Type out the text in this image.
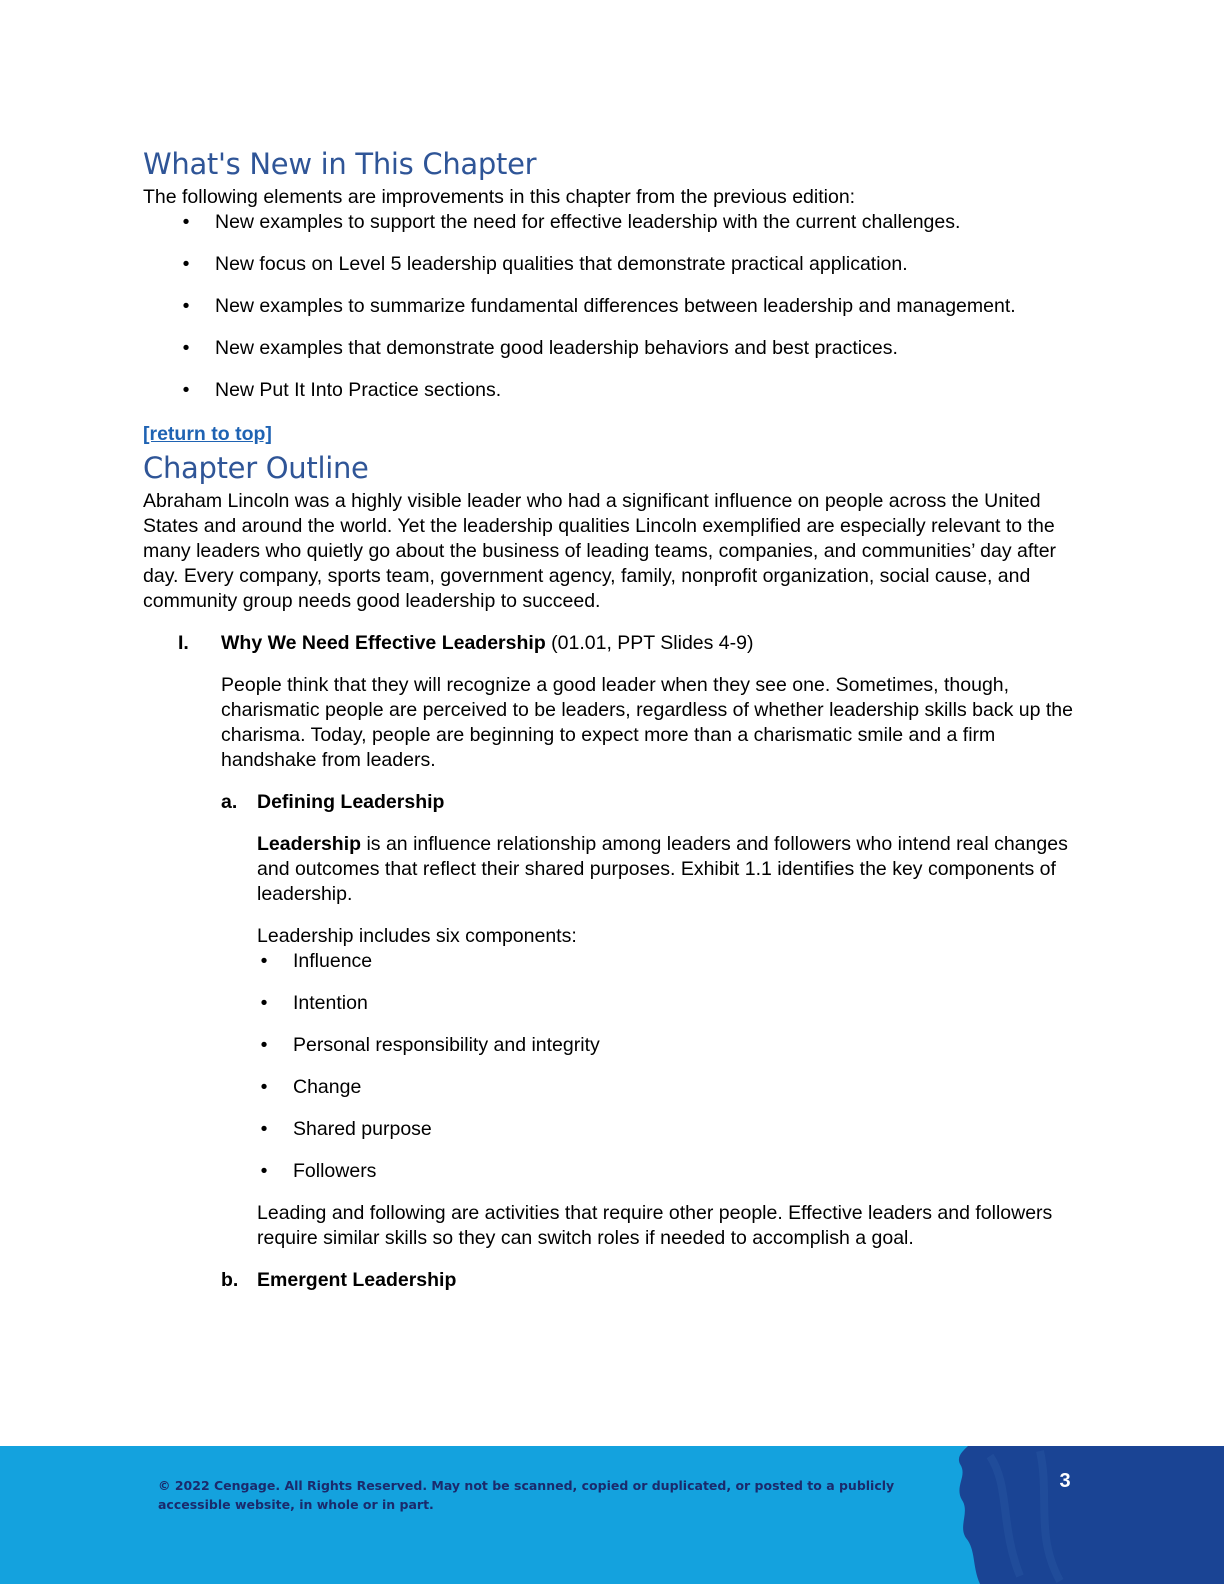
What's New in This Chapter

The following elements are improvements in this chapter from the previous edition:

• New examples to support the need for effective leadership with the current challenges.
• New focus on Level 5 leadership qualities that demonstrate practical application.
• New examples to summarize fundamental differences between leadership and management.
• New examples that demonstrate good leadership behaviors and best practices.
• New Put It Into Practice sections.
[return to top]
Chapter Outline

Abraham Lincoln was a highly visible leader who had a significant influence on people across the United States and around the world. Yet the leadership qualities Lincoln exemplified are especially relevant to the many leaders who quietly go about the business of leading teams, companies, and communities’ day after day. Every company, sports team, government agency, family, nonprofit organization, social cause, and community group needs good leadership to succeed.

I. Why We Need Effective Leadership (01.01, PPT Slides 4-9)
People think that they will recognize a good leader when they see one. Sometimes, though, charismatic people are perceived to be leaders, regardless of whether leadership skills back up the charisma. Today, people are beginning to expect more than a charismatic smile and a firm handshake from leaders.
a. Defining Leadership
Leadership is an influence relationship among leaders and followers who intend real changes and outcomes that reflect their shared purposes. Exhibit 1.1 identifies the key components of leadership.
Leadership includes six components:
• Influence
• Intention
• Personal responsibility and integrity
• Change
• Shared purpose
• Followers
Leading and following are activities that require other people. Effective leaders and followers require similar skills so they can switch roles if needed to accomplish a goal.
b. Emergent Leadership
© 2022 Cengage. All Rights Reserved. May not be scanned, copied or duplicated, or posted to a publicly accessible website, in whole or in part.
3
